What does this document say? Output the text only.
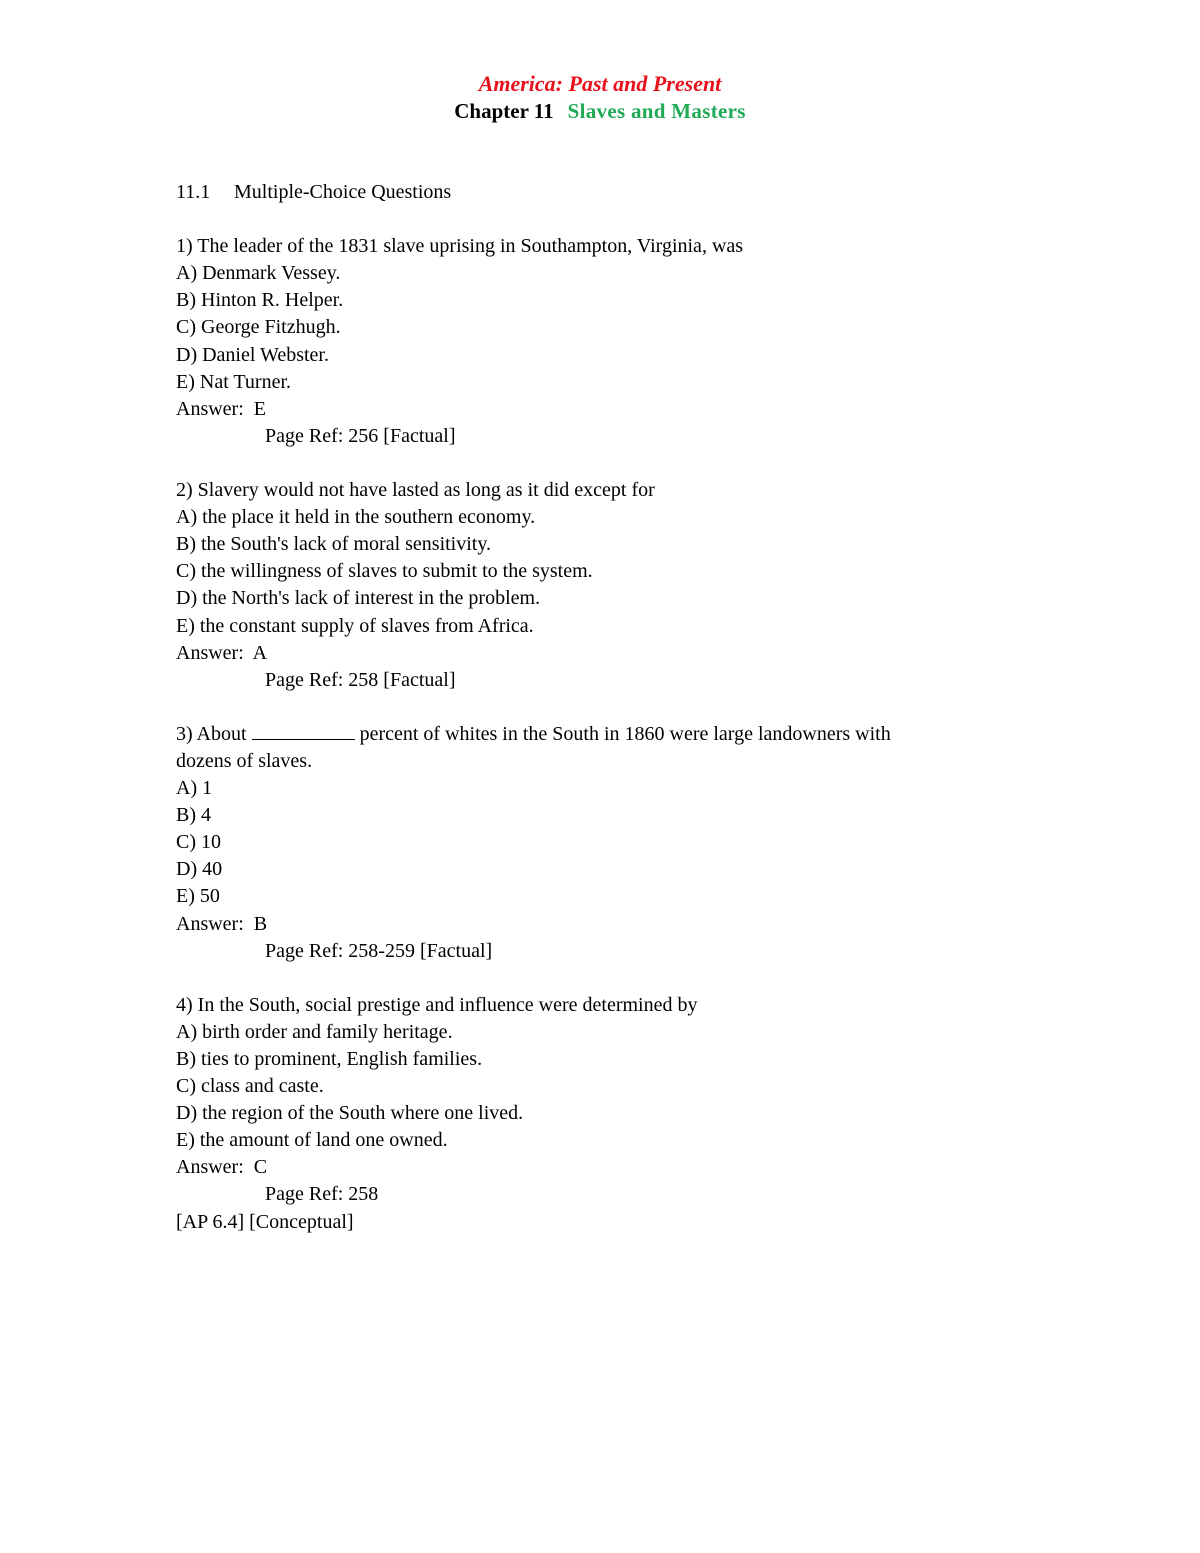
America: Past and Present
Chapter 11 Slaves and Masters
11.1 Multiple-Choice Questions
1) The leader of the 1831 slave uprising in Southampton, Virginia, was
A) Denmark Vessey.
B) Hinton R. Helper.
C) George Fitzhugh.
D) Daniel Webster.
E) Nat Turner.
Answer:  E
Page Ref: 256 [Factual]
2) Slavery would not have lasted as long as it did except for
A) the place it held in the southern economy.
B) the South's lack of moral sensitivity.
C) the willingness of slaves to submit to the system.
D) the North's lack of interest in the problem.
E) the constant supply of slaves from Africa.
Answer:  A
Page Ref: 258 [Factual]
3) About	percent of whites in the South in 1860 were large landowners with
dozens of slaves.
A) 1
B) 4
C) 10
D) 40
E) 50
Answer:  B
Page Ref: 258-259 [Factual]
4) In the South, social prestige and influence were determined by
A) birth order and family heritage.
B) ties to prominent, English families.
C) class and caste.
D) the region of the South where one lived.
E) the amount of land one owned.
Answer:  C
Page Ref: 258
[AP 6.4] [Conceptual]
